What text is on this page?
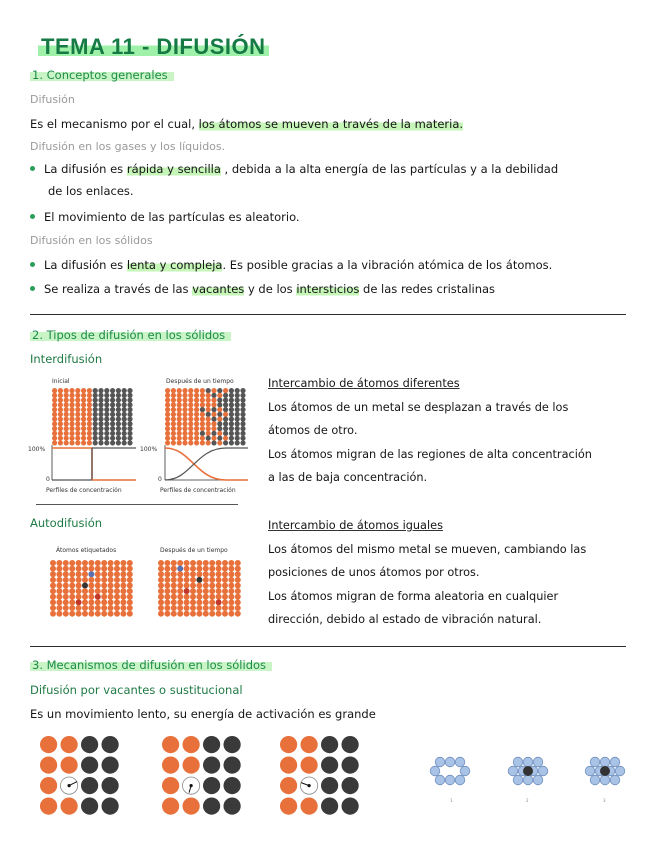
TEMA 11 - DIFUSIÓN
1. Conceptos generales
Difusión
Es el mecanismo por el cual, los átomos se mueven a través de la materia.
Difusión en los gases y los líquidos.
La difusión es rápida y sencilla , debida a la alta energía de las partículas y a la debilidad
de los enlaces.
El movimiento de las partículas es aleatorio.
Difusión en los sólidos
La difusión es lenta y compleja. Es posible gracias a la vibración atómica de los átomos.
Se realiza a través de las vacantes y de los intersticios de las redes cristalinas
2. Tipos de difusión en los sólidos
Interdifusión
Inicial	Después de un tiempo
100%
0
100%
0
Perfiles de concentración	Perfiles de concentración
Intercambio de átomos diferentes
Los átomos de un metal se desplazan a través de los
átomos de otro.
Los átomos migran de las regiones de alta concentración
a las de baja concentración.
Autodifusión
Átomos etiquetados	Después de un tiempo
Intercambio de átomos iguales
Los átomos del mismo metal se mueven, cambiando las
posiciones de unos átomos por otros.
Los átomos migran de forma aleatoria en cualquier
dirección, debido al estado de vibración natural.
3. Mecanismos de difusión en los sólidos
Difusión por vacantes o sustitucional
Es un movimiento lento, su energía de activación es grande
1	2	3
